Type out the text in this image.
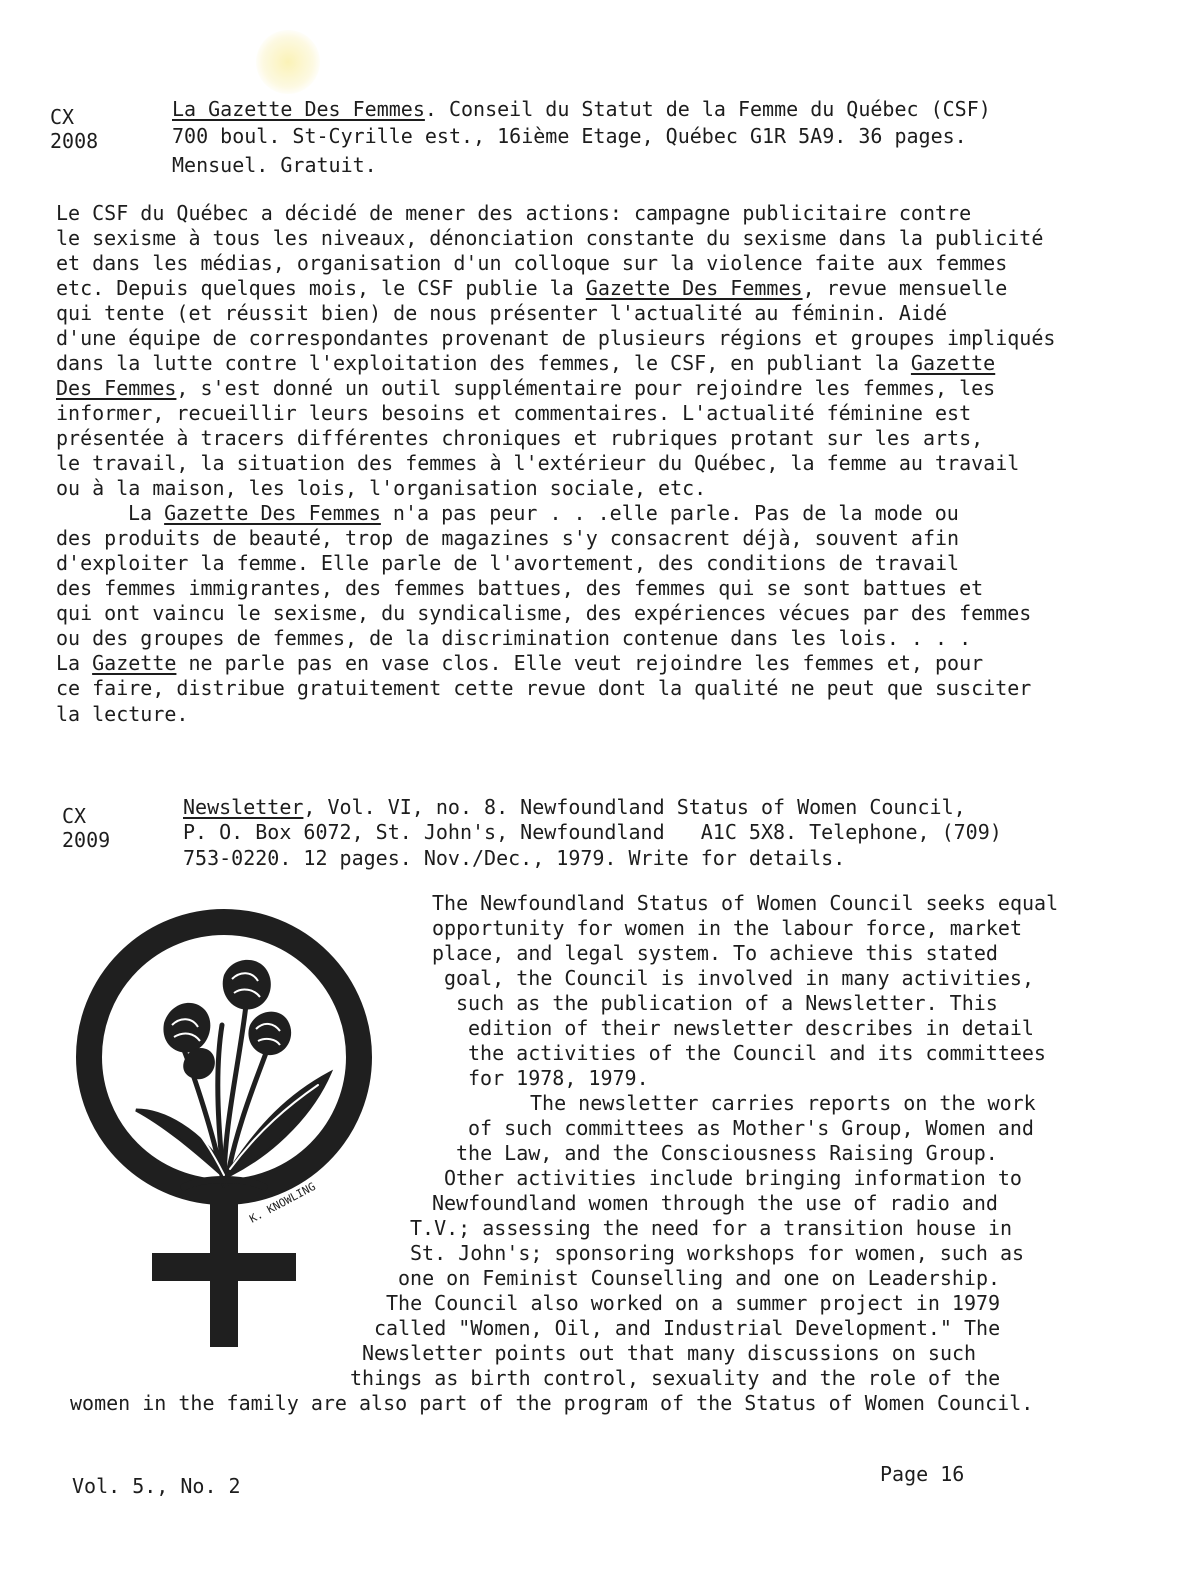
CX
2008
La Gazette Des Femmes. Conseil du Statut de la Femme du Québec (CSF)
700 boul. St-Cyrille est., 16ième Etage, Québec G1R 5A9. 36 pages.
Mensuel. Gratuit.
Le CSF du Québec a décidé de mener des actions: campagne publicitaire contre
le sexisme à tous les niveaux, dénonciation constante du sexisme dans la publicité
et dans les médias, organisation d'un colloque sur la violence faite aux femmes
etc. Depuis quelques mois, le CSF publie la Gazette Des Femmes, revue mensuelle
qui tente (et réussit bien) de nous présenter l'actualité au féminin. Aidé
d'une équipe de correspondantes provenant de plusieurs régions et groupes impliqués
dans la lutte contre l'exploitation des femmes, le CSF, en publiant la Gazette
Des Femmes, s'est donné un outil supplémentaire pour rejoindre les femmes, les
informer, recueillir leurs besoins et commentaires. L'actualité féminine est
présentée à tracers différentes chroniques et rubriques protant sur les arts,
le travail, la situation des femmes à l'extérieur du Québec, la femme au travail
ou à la maison, les lois, l'organisation sociale, etc.
La Gazette Des Femmes n'a pas peur . . .elle parle. Pas de la mode ou
des produits de beauté, trop de magazines s'y consacrent déjà, souvent afin
d'exploiter la femme. Elle parle de l'avortement, des conditions de travail
des femmes immigrantes, des femmes battues, des femmes qui se sont battues et
qui ont vaincu le sexisme, du syndicalisme, des expériences vécues par des femmes
ou des groupes de femmes, de la discrimination contenue dans les lois. . . .
La Gazette ne parle pas en vase clos. Elle veut rejoindre les femmes et, pour
ce faire, distribue gratuitement cette revue dont la qualité ne peut que susciter
la lecture.
CX
2009
Newsletter, Vol. VI, no. 8. Newfoundland Status of Women Council,
P. O. Box 6072, St. John's, Newfoundland   A1C 5X8. Telephone, (709)
753-0220. 12 pages. Nov./Dec., 1979. Write for details.
The Newfoundland Status of Women Council seeks equal
opportunity for women in the labour force, market
place, and legal system. To achieve this stated
goal, the Council is involved in many activities,
such as the publication of a Newsletter. This
edition of their newsletter describes in detail
the activities of the Council and its committees
for 1978, 1979.
The newsletter carries reports on the work
of such committees as Mother's Group, Women and
the Law, and the Consciousness Raising Group.
Other activities include bringing information to
Newfoundland women through the use of radio and
T.V.; assessing the need for a transition house in
St. John's; sponsoring workshops for women, such as
one on Feminist Counselling and one on Leadership.
The Council also worked on a summer project in 1979
called "Women, Oil, and Industrial Development." The
Newsletter points out that many discussions on such
things as birth control, sexuality and the role of the
women in the family are also part of the program of the Status of Women Council.
K. KNOWLING
Vol. 5., No. 2	Page 16
